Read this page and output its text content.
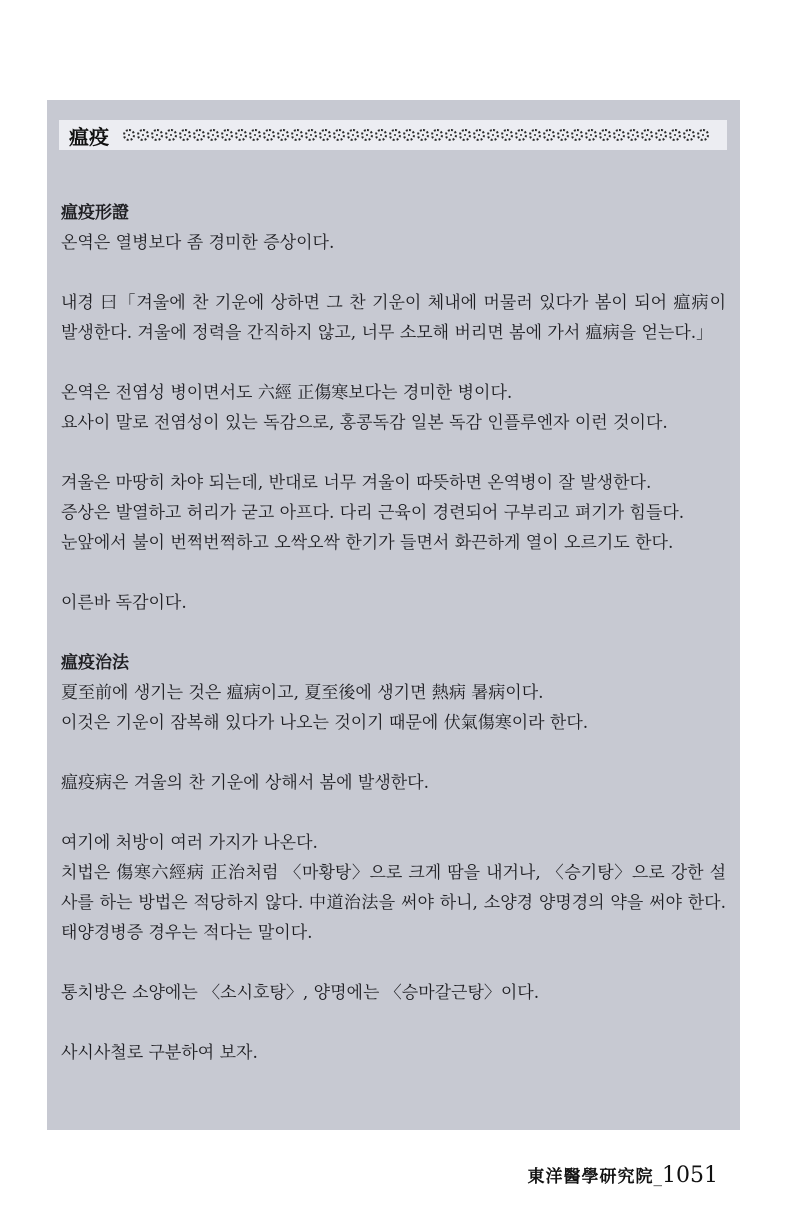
瘟疫

瘟疫形證

온역은 열병보다 좀 경미한 증상이다.

내경 曰「겨울에 찬 기운에 상하면 그 찬 기운이 체내에 머물러 있다가 봄이 되어 瘟病이 발생한다. 겨울에 정력을 간직하지 않고, 너무 소모해 버리면 봄에 가서 瘟病을 얻는다.」

온역은 전염성 병이면서도 六經 正傷寒보다는 경미한 병이다.

요사이 말로 전염성이 있는 독감으로, 홍콩독감 일본 독감 인플루엔자 이런 것이다.

겨울은 마땅히 차야 되는데, 반대로 너무 겨울이 따뜻하면 온역병이 잘 발생한다.

증상은 발열하고 허리가 굳고 아프다. 다리 근육이 경련되어 구부리고 펴기가 힘들다.

눈앞에서 불이 번쩍번쩍하고 오싹오싹 한기가 들면서 화끈하게 열이 오르기도 한다.

이른바 독감이다.

瘟疫治法

夏至前에 생기는 것은 瘟病이고, 夏至後에 생기면 熱病 暑病이다.

이것은 기운이 잠복해 있다가 나오는 것이기 때문에 伏氣傷寒이라 한다.

瘟疫病은 겨울의 찬 기운에 상해서 봄에 발생한다.

여기에 처방이 여러 가지가 나온다.

치법은 傷寒六經病 正治처럼 〈마황탕〉으로 크게 땀을 내거나, 〈승기탕〉으로 강한 설사를 하는 방법은 적당하지 않다. 中道治法을 써야 하니, 소양경 양명경의 약을 써야 한다. 태양경병증 경우는 적다는 말이다.

통치방은 소양에는 〈소시호탕〉, 양명에는 〈승마갈근탕〉이다.

사시사철로 구분하여 보자.

東洋醫學研究院_1051
